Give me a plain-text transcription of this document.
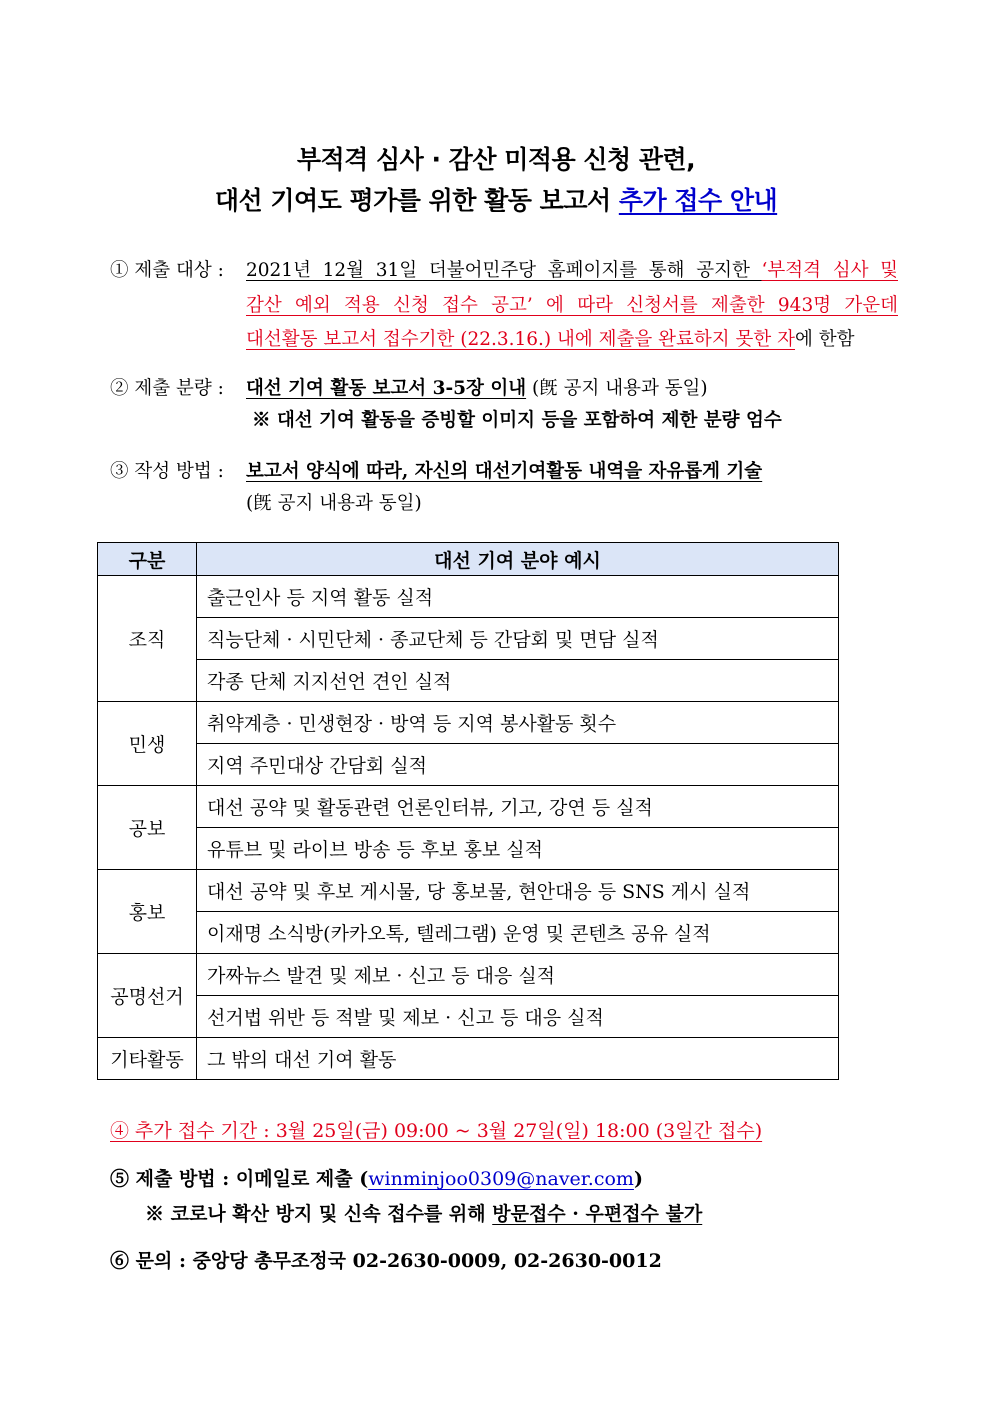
부적격 심사 · 감산 미적용 신청 관련,
대선 기여도 평가를 위한 활동 보고서 추가 접수 안내
① 제출 대상 : 2021년 12월 31일 더불어민주당 홈페이지를 통해 공지한 ‘부적격 심사 및
감산 예외 적용 신청 접수 공고’ 에 따라 신청서를 제출한 943명 가운데
대선활동 보고서 접수기한 (22.3.16.) 내에 제출을 완료하지 못한 자에 한함
② 제출 분량 : 대선 기여 활동 보고서 3-5장 이내 (旣 공지 내용과 동일)
※ 대선 기여 활동을 증빙할 이미지 등을 포함하여 제한 분량 엄수
③ 작성 방법 : 보고서 양식에 따라, 자신의 대선기여활동 내역을 자유롭게 기술
(旣 공지 내용과 동일)
구분	대선 기여 분야 예시
조직	출근인사 등 지역 활동 실적
	직능단체 · 시민단체 · 종교단체 등 간담회 및 면담 실적
	각종 단체 지지선언 견인 실적
민생	취약계층 · 민생현장 · 방역 등 지역 봉사활동 횟수
	지역 주민대상 간담회 실적
공보	대선 공약 및 활동관련 언론인터뷰, 기고, 강연 등 실적
	유튜브 및 라이브 방송 등 후보 홍보 실적
홍보	대선 공약 및 후보 게시물, 당 홍보물, 현안대응 등 SNS 게시 실적
	이재명 소식방(카카오톡, 텔레그램) 운영 및 콘텐츠 공유 실적
공명선거	가짜뉴스 발견 및 제보 · 신고 등 대응 실적
	선거법 위반 등 적발 및 제보 · 신고 등 대응 실적
기타활동	그 밖의 대선 기여 활동
④ 추가 접수 기간 : 3월 25일(금) 09:00 ~ 3월 27일(일) 18:00 (3일간 접수)
⑤ 제출 방법 : 이메일로 제출 (winminjoo0309@naver.com)
※ 코로나 확산 방지 및 신속 접수를 위해 방문접수 · 우편접수 불가
⑥ 문의 : 중앙당 총무조정국 02-2630-0009, 02-2630-0012
